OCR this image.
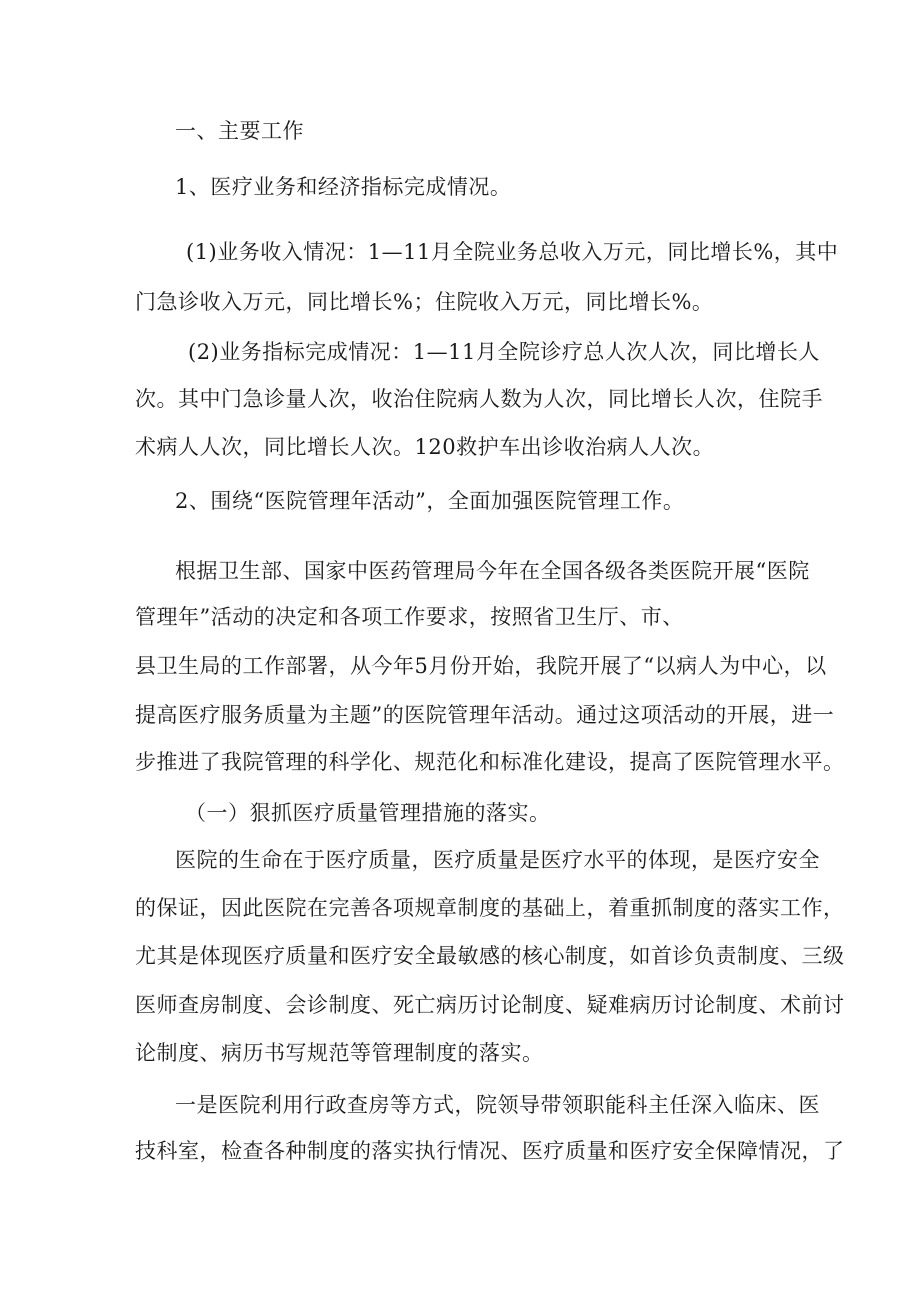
一、主要工作

1、医疗业务和经济指标完成情况。

(1)业务收入情况：1—11月全院业务总收入万元，同比增长%，其中

门急诊收入万元，同比增长%；住院收入万元，同比增长%。

(2)业务指标完成情况：1—11月全院诊疗总人次人次，同比增长人

次。其中门急诊量人次，收治住院病人数为人次，同比增长人次，住院手

术病人人次，同比增长人次。120救护车出诊收治病人人次。

2、围绕“医院管理年活动”，全面加强医院管理工作。

根据卫生部、国家中医药管理局今年在全国各级各类医院开展“医院

管理年”活动的决定和各项工作要求，按照省卫生厅、市、

县卫生局的工作部署，从今年5月份开始，我院开展了“以病人为中心，以

提高医疗服务质量为主题”的医院管理年活动。通过这项活动的开展，进一

步推进了我院管理的科学化、规范化和标准化建设，提高了医院管理水平。

（一）狠抓医疗质量管理措施的落实。

医院的生命在于医疗质量，医疗质量是医疗水平的体现，是医疗安全

的保证，因此医院在完善各项规章制度的基础上，着重抓制度的落实工作，

尤其是体现医疗质量和医疗安全最敏感的核心制度，如首诊负责制度、三级

医师查房制度、会诊制度、死亡病历讨论制度、疑难病历讨论制度、术前讨

论制度、病历书写规范等管理制度的落实。

一是医院利用行政查房等方式，院领导带领职能科主任深入临床、医

技科室，检查各种制度的落实执行情况、医疗质量和医疗安全保障情况，了
